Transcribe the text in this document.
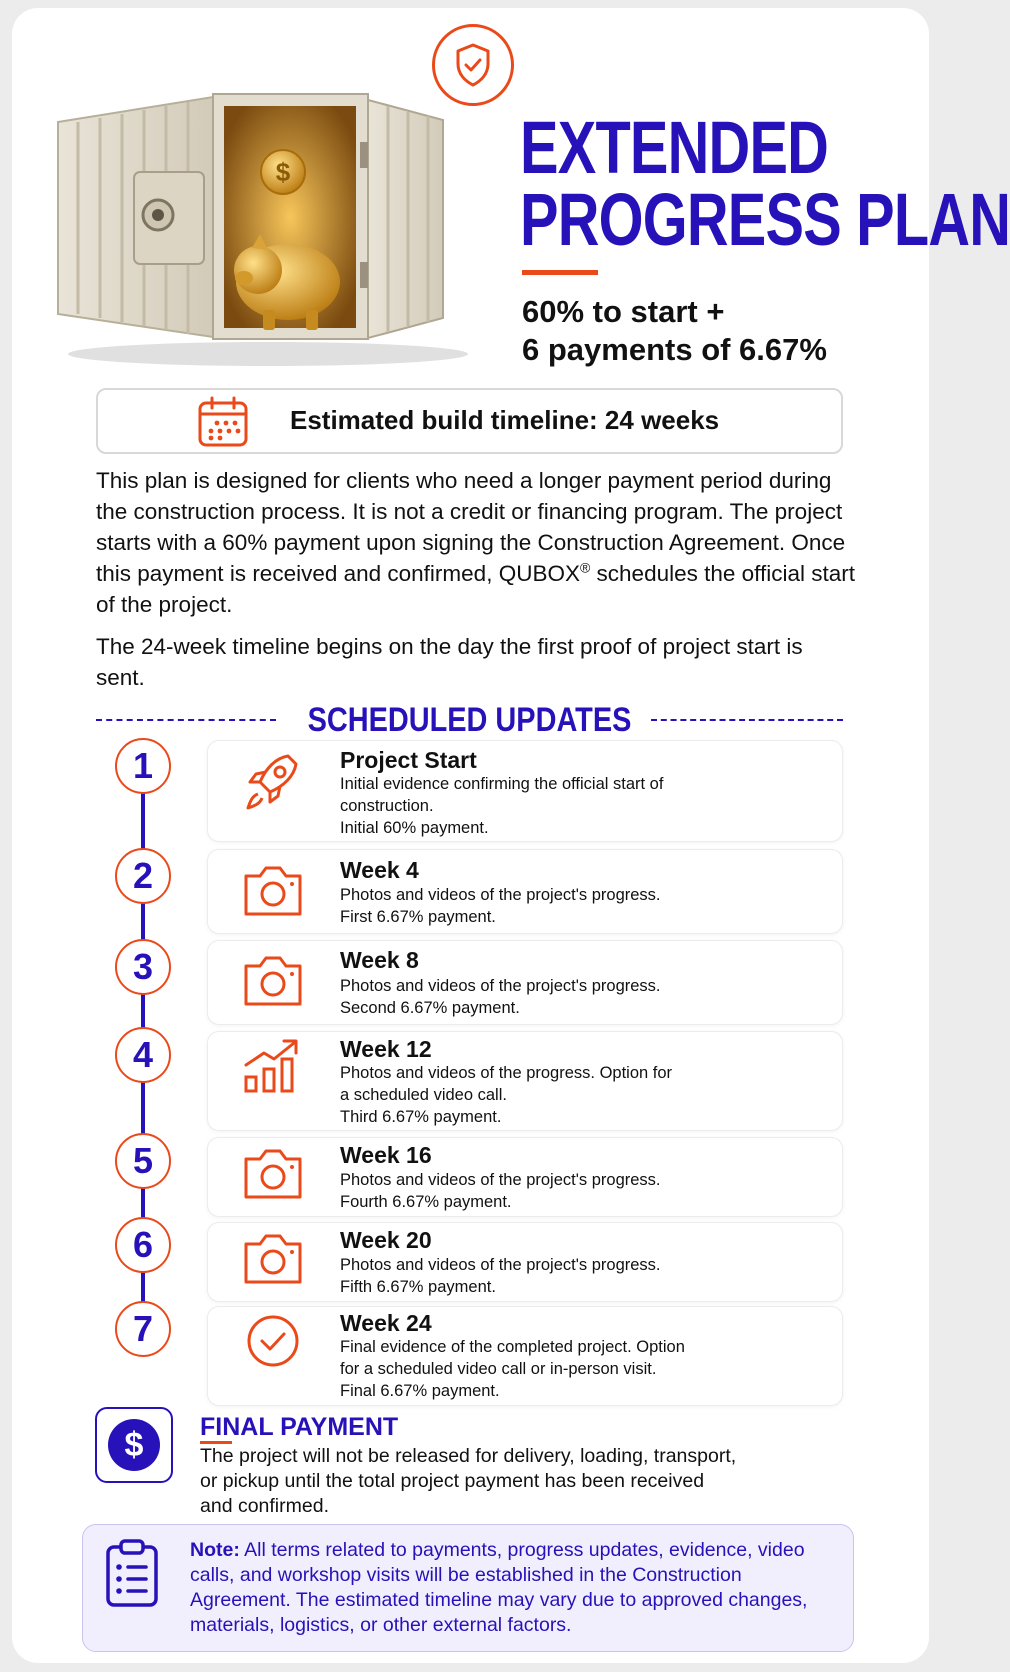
$	EXTENDED
PROGRESS PLAN
60% to start +
6 payments of 6.67%
Estimated build timeline: 24 weeks
This plan is designed for clients who need a longer payment period during the construction process. It is not a credit or financing program. The project starts with a 60% payment upon signing the Construction Agreement. Once this payment is received and confirmed, QUBOX® schedules the official start of the project.
The 24-week timeline begins on the day the first proof of project start is sent.
SCHEDULED UPDATES
1	Project Start
Initial evidence confirming the official start of
construction.
Initial 60% payment.
2	Week 4
Photos and videos of the project's progress.
First 6.67% payment.
3	Week 8
Photos and videos of the project's progress.
Second 6.67% payment.
4	Week 12
Photos and videos of the progress. Option for
a scheduled video call.
Third 6.67% payment.
5	Week 16
Photos and videos of the project's progress.
Fourth 6.67% payment.
6	Week 20
Photos and videos of the project's progress.
Fifth 6.67% payment.
7	Week 24
Final evidence of the completed project. Option
for a scheduled video call or in-person visit.
Final 6.67% payment.
$	FINAL PAYMENT
The project will not be released for delivery, loading, transport,
or pickup until the total project payment has been received
and confirmed.
Note: All terms related to payments, progress updates, evidence, video calls, and workshop visits will be established in the Construction Agreement. The estimated timeline may vary due to approved changes, materials, logistics, or other external factors.
